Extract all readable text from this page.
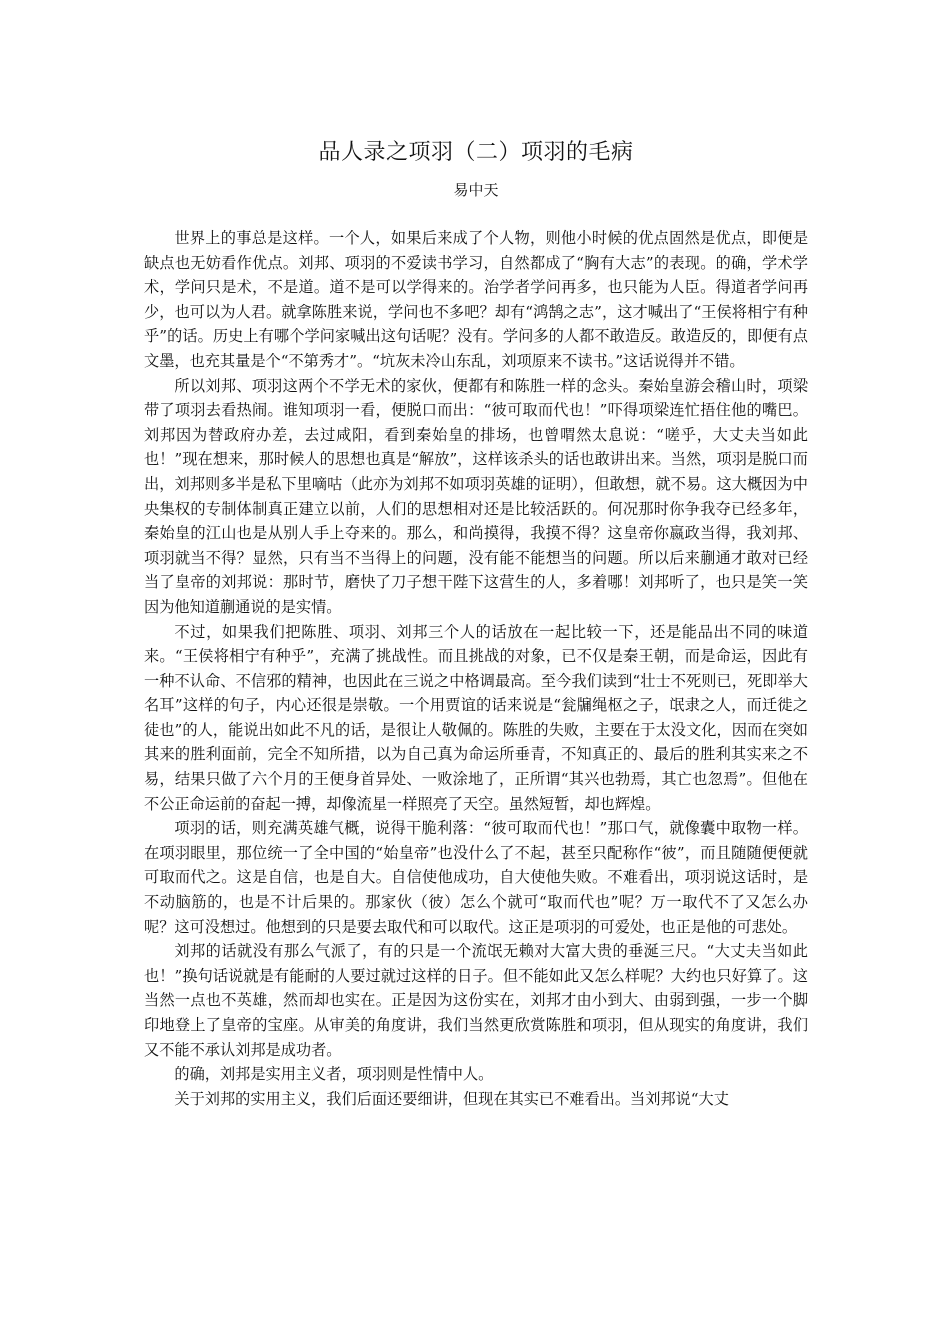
品人录之项羽（二）项羽的毛病
易中天

世界上的事总是这样。一个人，如果后来成了个人物，则他小时候的优点固然是优点，即便是缺点也无妨看作优点。刘邦、项羽的不爱读书学习，自然都成了“胸有大志”的表现。的确，学术学术，学问只是术，不是道。道不是可以学得来的。治学者学问再多，也只能为人臣。得道者学问再少，也可以为人君。就拿陈胜来说，学问也不多吧？却有“鸿鹄之志”，这才喊出了“王侯将相宁有种乎”的话。历史上有哪个学问家喊出这句话呢？没有。学问多的人都不敢造反。敢造反的，即便有点文墨，也充其量是个“不第秀才”。“坑灰未冷山东乱，刘项原来不读书。”这话说得并不错。

所以刘邦、项羽这两个不学无术的家伙，便都有和陈胜一样的念头。秦始皇游会稽山时，项梁带了项羽去看热闹。谁知项羽一看，便脱口而出：“彼可取而代也！”吓得项梁连忙捂住他的嘴巴。刘邦因为替政府办差，去过咸阳，看到秦始皇的排场，也曾喟然太息说：“嗟乎，大丈夫当如此也！”现在想来，那时候人的思想也真是“解放”，这样该杀头的话也敢讲出来。当然，项羽是脱口而出，刘邦则多半是私下里嘀咕（此亦为刘邦不如项羽英雄的证明），但敢想，就不易。这大概因为中央集权的专制体制真正建立以前，人们的思想相对还是比较活跃的。何况那时你争我夺已经多年，秦始皇的江山也是从别人手上夺来的。那么，和尚摸得，我摸不得？这皇帝你嬴政当得，我刘邦、项羽就当不得？显然，只有当不当得上的问题，没有能不能想当的问题。所以后来蒯通才敢对已经当了皇帝的刘邦说：那时节，磨快了刀子想干陛下这营生的人，多着哪！刘邦听了，也只是笑一笑因为他知道蒯通说的是实情。

不过，如果我们把陈胜、项羽、刘邦三个人的话放在一起比较一下，还是能品出不同的味道来。“王侯将相宁有种乎”，充满了挑战性。而且挑战的对象，已不仅是秦王朝，而是命运，因此有一种不认命、不信邪的精神，也因此在三说之中格调最高。至今我们读到“壮士不死则已，死即举大名耳”这样的句子，内心还很是崇敬。一个用贾谊的话来说是“瓮牖绳枢之子，氓隶之人，而迁徙之徒也”的人，能说出如此不凡的话，是很让人敬佩的。陈胜的失败，主要在于太没文化，因而在突如其来的胜利面前，完全不知所措，以为自己真为命运所垂青，不知真正的、最后的胜利其实来之不易，结果只做了六个月的王便身首异处、一败涂地了，正所谓“其兴也勃焉，其亡也忽焉”。但他在不公正命运前的奋起一搏，却像流星一样照亮了天空。虽然短暂，却也辉煌。

项羽的话，则充满英雄气概，说得干脆利落：“彼可取而代也！”那口气，就像囊中取物一样。在项羽眼里，那位统一了全中国的“始皇帝”也没什么了不起，甚至只配称作“彼”，而且随随便便就可取而代之。这是自信，也是自大。自信使他成功，自大使他失败。不难看出，项羽说这话时，是不动脑筋的，也是不计后果的。那家伙（彼）怎么个就可“取而代也”呢？万一取代不了又怎么办呢？这可没想过。他想到的只是要去取代和可以取代。这正是项羽的可爱处，也正是他的可悲处。

刘邦的话就没有那么气派了，有的只是一个流氓无赖对大富大贵的垂涎三尺。“大丈夫当如此也！”换句话说就是有能耐的人要过就过这样的日子。但不能如此又怎么样呢？大约也只好算了。这当然一点也不英雄，然而却也实在。正是因为这份实在，刘邦才由小到大、由弱到强，一步一个脚印地登上了皇帝的宝座。从审美的角度讲，我们当然更欣赏陈胜和项羽，但从现实的角度讲，我们又不能不承认刘邦是成功者。

的确，刘邦是实用主义者，项羽则是性情中人。

关于刘邦的实用主义，我们后面还要细讲，但现在其实已不难看出。当刘邦说“大丈
